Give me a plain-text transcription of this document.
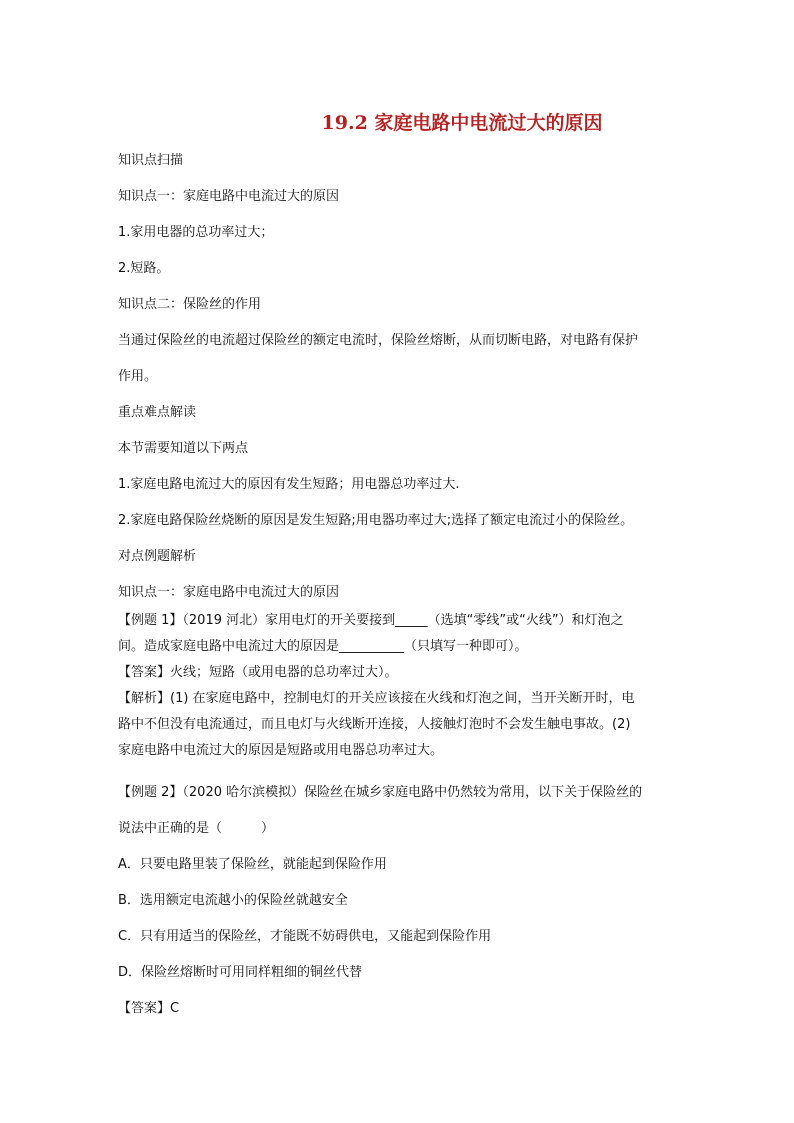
19.2 家庭电路中电流过大的原因
知识点扫描
知识点一：家庭电路中电流过大的原因
1.家用电器的总功率过大；
2.短路。
知识点二：保险丝的作用
当通过保险丝的电流超过保险丝的额定电流时，保险丝熔断，从而切断电路，对电路有保护
作用。
重点难点解读
本节需要知道以下两点
1.家庭电路电流过大的原因有发生短路；用电器总功率过大.
2.家庭电路保险丝烧断的原因是发生短路;用电器功率过大;选择了额定电流过小的保险丝。
对点例题解析
知识点一：家庭电路中电流过大的原因
【例题 1】（2019 河北）家用电灯的开关要接到_____（选填“零线”或“火线”）和灯泡之
间。造成家庭电路中电流过大的原因是__________（只填写一种即可）。
【答案】火线；短路（或用电器的总功率过大）。
【解析】(1) 在家庭电路中，控制电灯的开关应该接在火线和灯泡之间，当开关断开时，电
路中不但没有电流通过，而且电灯与火线断开连接，人接触灯泡时不会发生触电事故。(2)
家庭电路中电流过大的原因是短路或用电器总功率过大。
【例题 2】（2020 哈尔滨模拟）保险丝在城乡家庭电路中仍然较为常用，以下关于保险丝的
说法中正确的是（　　　）
A．只要电路里装了保险丝，就能起到保险作用
B．选用额定电流越小的保险丝就越安全
C．只有用适当的保险丝，才能既不妨碍供电，又能起到保险作用
D．保险丝熔断时可用同样粗细的铜丝代替
【答案】C
